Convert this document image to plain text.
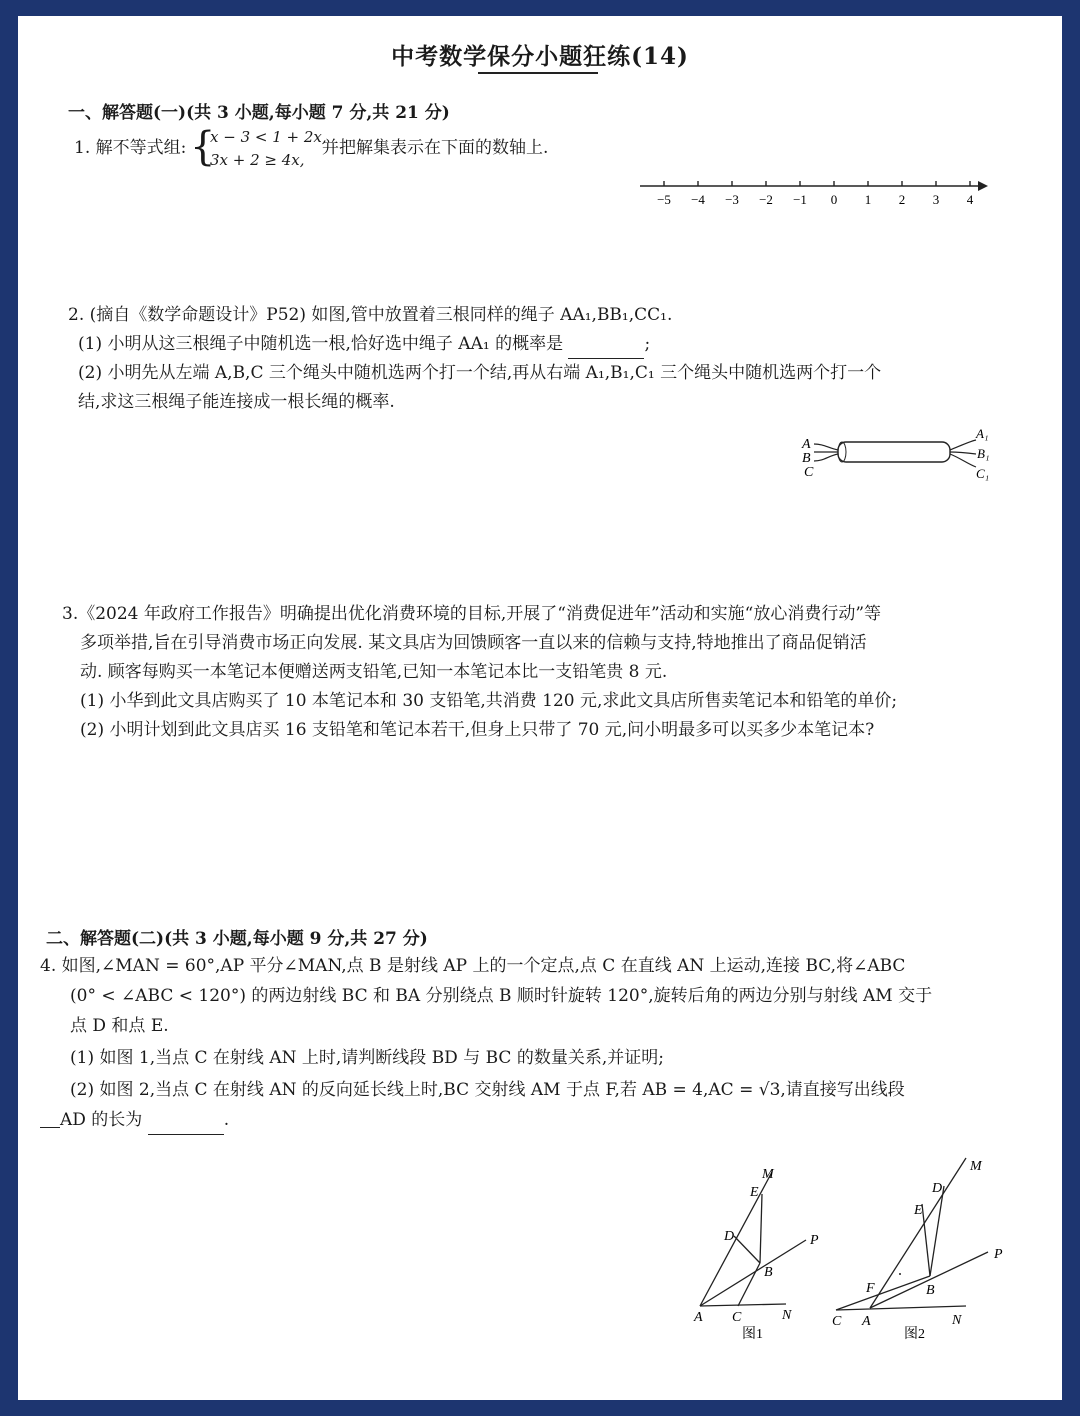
中考数学保分小题狂练(14)
一、解答题(一)(共 3 小题,每小题 7 分,共 21 分)
1. 解不等式组: {
x − 3 < 1 + 2x,
3x + 2 ≥ 4x,
并把解集表示在下面的数轴上.
−5 −4 −3 −2 −1 0 1 2 3 4
2. (摘自《数学命题设计》P52) 如图,管中放置着三根同样的绳子 AA₁,BB₁,CC₁.
(1) 小明从这三根绳子中随机选一根,恰好选中绳子 AA₁ 的概率是	;
(2) 小明先从左端 A,B,C 三个绳头中随机选两个打一个结,再从右端 A₁,B₁,C₁ 三个绳头中随机选两个打一个
结,求这三根绳子能连接成一根长绳的概率.
A
B
C
A₁
B₁
C₁
3.《2024 年政府工作报告》明确提出优化消费环境的目标,开展了“消费促进年”活动和实施“放心消费行动”等
多项举措,旨在引导消费市场正向发展. 某文具店为回馈顾客一直以来的信赖与支持,特地推出了商品促销活
动. 顾客每购买一本笔记本便赠送两支铅笔,已知一本笔记本比一支铅笔贵 8 元.
(1) 小华到此文具店购买了 10 本笔记本和 30 支铅笔,共消费 120 元,求此文具店所售卖笔记本和铅笔的单价;
(2) 小明计划到此文具店买 16 支铅笔和笔记本若干,但身上只带了 70 元,问小明最多可以买多少本笔记本?
二、解答题(二)(共 3 小题,每小题 9 分,共 27 分)
4. 如图,∠MAN = 60°,AP 平分∠MAN,点 B 是射线 AP 上的一个定点,点 C 在直线 AN 上运动,连接 BC,将∠ABC
(0° < ∠ABC < 120°) 的两边射线 BC 和 BA 分别绕点 B 顺时针旋转 120°,旋转后角的两边分别与射线 AM 交于
点 D 和点 E.
(1) 如图 1,当点 C 在射线 AN 上时,请判断线段 BD 与 BC 的数量关系,并证明;
(2) 如图 2,当点 C 在射线 AN 的反向延长线上时,BC 交射线 AM 于点 F,若 AB = 4,AC = √3,请直接写出线段
AD 的长为	.
M
E
D	P
B
A C	N
图1
M
D
E
P
F	B
C A	N
图2
